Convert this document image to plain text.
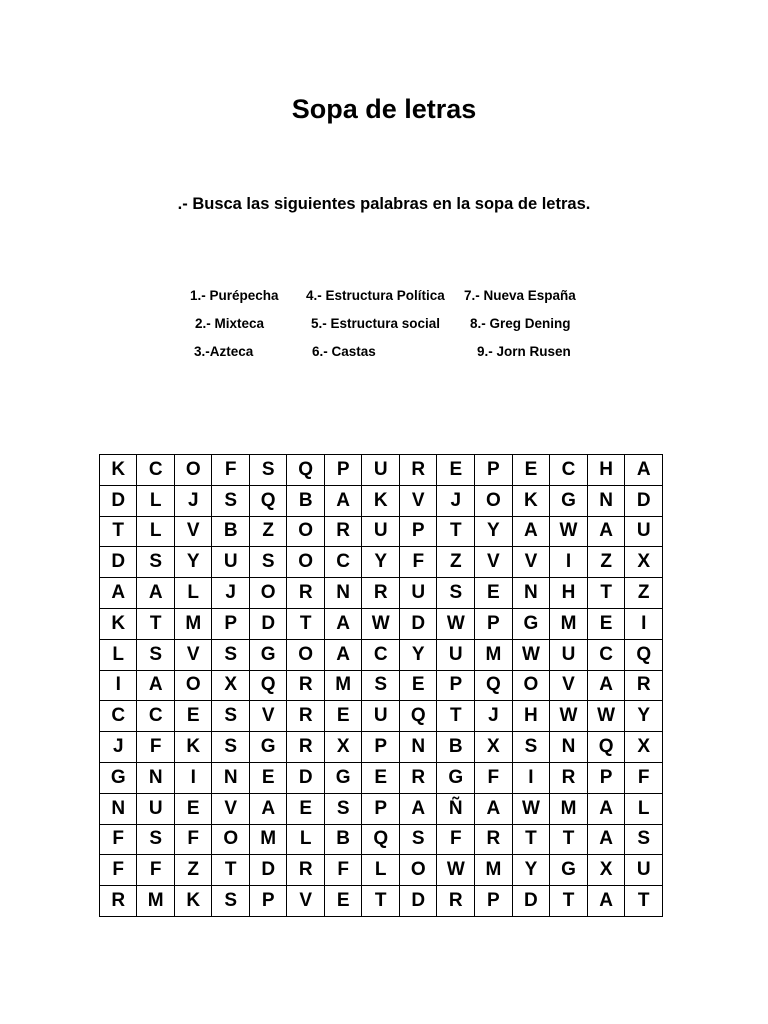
Sopa de letras
.- Busca las siguientes palabras en la sopa de letras.
1.- Purépecha 4.- Estructura Política 7.- Nueva España
2.- Mixteca	5.- Estructura social 8.- Greg Dening
3.-Azteca	6.- Castas	9.- Jorn Rusen
K	C	O	F	S	Q	P	U	R	E	P	E	C	H	A
D	L	J	S	Q	B	A	K	V	J	O	K	G	N	D
T	L	V	B	Z	O	R	U	P	T	Y	A	W	A	U
D	S	Y	U	S	O	C	Y	F	Z	V	V	I	Z	X
A	A	L	J	O	R	N	R	U	S	E	N	H	T	Z
K	T	M	P	D	T	A	W	D	W	P	G	M	E	I
L	S	V	S	G	O	A	C	Y	U	M	W	U	C	Q
I	A	O	X	Q	R	M	S	E	P	Q	O	V	A	R
C	C	E	S	V	R	E	U	Q	T	J	H	W	W	Y
J	F	K	S	G	R	X	P	N	B	X	S	N	Q	X
G	N	I	N	E	D	G	E	R	G	F	I	R	P	F
N	U	E	V	A	E	S	P	A	Ñ	A	W	M	A	L
F	S	F	O	M	L	B	Q	S	F	R	T	T	A	S
F	F	Z	T	D	R	F	L	O	W	M	Y	G	X	U
R	M	K	S	P	V	E	T	D	R	P	D	T	A	T
